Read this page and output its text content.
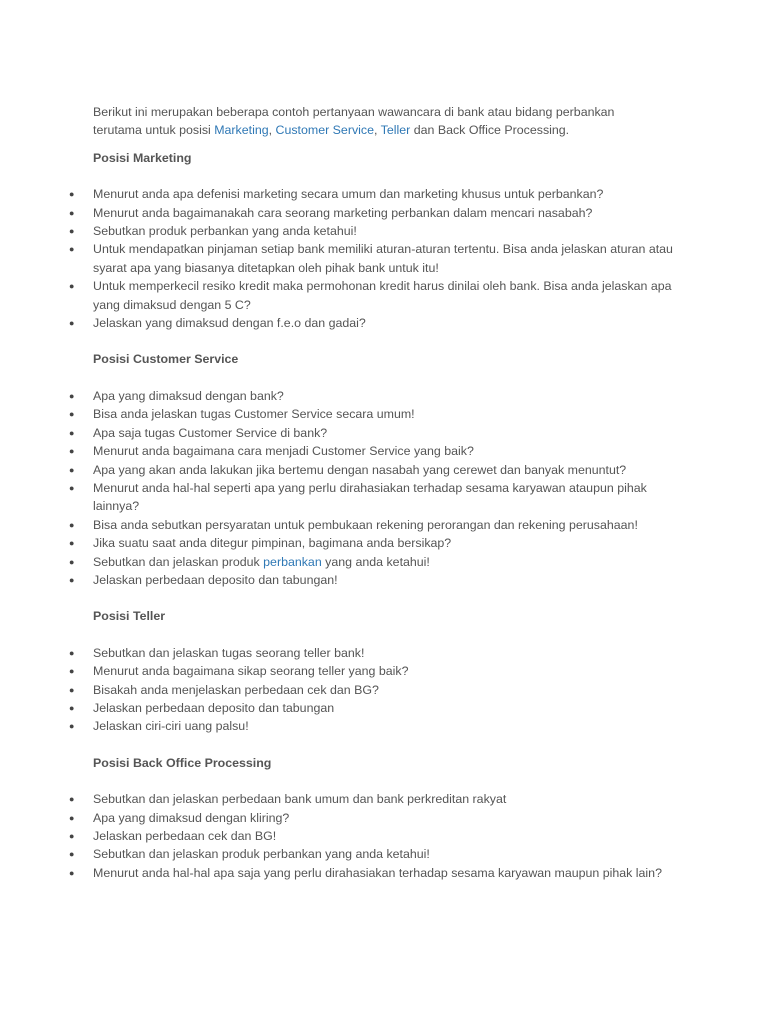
Berikut ini merupakan beberapa contoh pertanyaan wawancara di bank atau bidang perbankan
terutama untuk posisi Marketing, Customer Service, Teller dan Back Office Processing.

Posisi Marketing
● Menurut anda apa defenisi marketing secara umum dan marketing khusus untuk perbankan?
● Menurut anda bagaimanakah cara seorang marketing perbankan dalam mencari nasabah?
● Sebutkan produk perbankan yang anda ketahui!
● Untuk mendapatkan pinjaman setiap bank memiliki aturan-aturan tertentu. Bisa anda jelaskan aturan atau syarat apa yang biasanya ditetapkan oleh pihak bank untuk itu!
● Untuk memperkecil resiko kredit maka permohonan kredit harus dinilai oleh bank. Bisa anda jelaskan apa yang dimaksud dengan 5 C?
● Jelaskan yang dimaksud dengan f.e.o dan gadai?
Posisi Customer Service
● Apa yang dimaksud dengan bank?
● Bisa anda jelaskan tugas Customer Service secara umum!
● Apa saja tugas Customer Service di bank?
● Menurut anda bagaimana cara menjadi Customer Service yang baik?
● Apa yang akan anda lakukan jika bertemu dengan nasabah yang cerewet dan banyak menuntut?
● Menurut anda hal-hal seperti apa yang perlu dirahasiakan terhadap sesama karyawan ataupun pihak lainnya?
● Bisa anda sebutkan persyaratan untuk pembukaan rekening perorangan dan rekening perusahaan!
● Jika suatu saat anda ditegur pimpinan, bagimana anda bersikap?
● Sebutkan dan jelaskan produk perbankan yang anda ketahui!
● Jelaskan perbedaan deposito dan tabungan!
Posisi Teller
● Sebutkan dan jelaskan tugas seorang teller bank!
● Menurut anda bagaimana sikap seorang teller yang baik?
● Bisakah anda menjelaskan perbedaan cek dan BG?
● Jelaskan perbedaan deposito dan tabungan
● Jelaskan ciri-ciri uang palsu!
Posisi Back Office Processing
● Sebutkan dan jelaskan perbedaan bank umum dan bank perkreditan rakyat
● Apa yang dimaksud dengan kliring?
● Jelaskan perbedaan cek dan BG!
● Sebutkan dan jelaskan produk perbankan yang anda ketahui!
● Menurut anda hal-hal apa saja yang perlu dirahasiakan terhadap sesama karyawan maupun pihak lain?
